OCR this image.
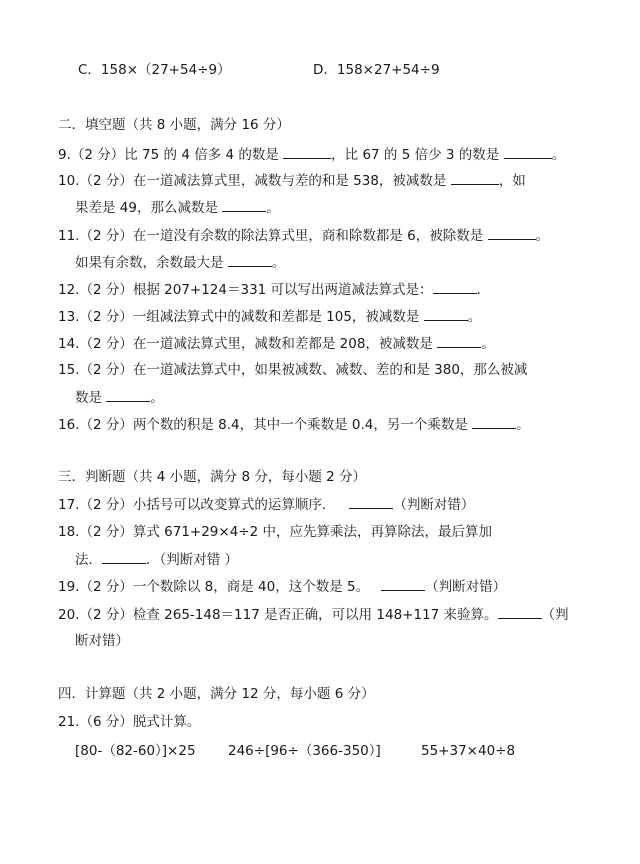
C．158×（27+54÷9）	D．158×27+54÷9
二．填空题（共 8 小题，满分 16 分）
9.（2 分）比 75 的 4 倍多 4 的数是	，比 67 的 5 倍少 3 的数是	。
10.（2 分）在一道减法算式里，减数与差的和是 538，被减数是	，如
果差是 49，那么减数是	。
11.（2 分）在一道没有余数的除法算式里，商和除数都是 6，被除数是	。
如果有余数，余数最大是	。
12.（2 分）根据 207+124＝331 可以写出两道减法算式是：	.
13.（2 分）一组减法算式中的减数和差都是 105，被减数是	。
14.（2 分）在一道减法算式里，减数和差都是 208，被减数是	。
15.（2 分）在一道减法算式中，如果被减数、减数、差的和是 380，那么被减
数是	。
16.（2 分）两个数的积是 8.4，其中一个乘数是 0.4，另一个乘数是	。
三．判断题（共 4 小题，满分 8 分，每小题 2 分）
17.（2 分）小括号可以改变算式的运算顺序．	（判断对错）
18.（2 分）算式 671+29×4÷2 中，应先算乘法，再算除法，最后算加
法．	．（判断对错 ）
19.（2 分）一个数除以 8，商是 40，这个数是 5。	（判断对错）
20.（2 分）检查 265-148＝117 是否正确，可以用 148+117 来验算。	（判
断对错）
四．计算题（共 2 小题，满分 12 分，每小题 6 分）
21.（6 分）脱式计算。
[80-（82-60）]×25 246÷[96÷（366-350）]	55+37×40÷8
